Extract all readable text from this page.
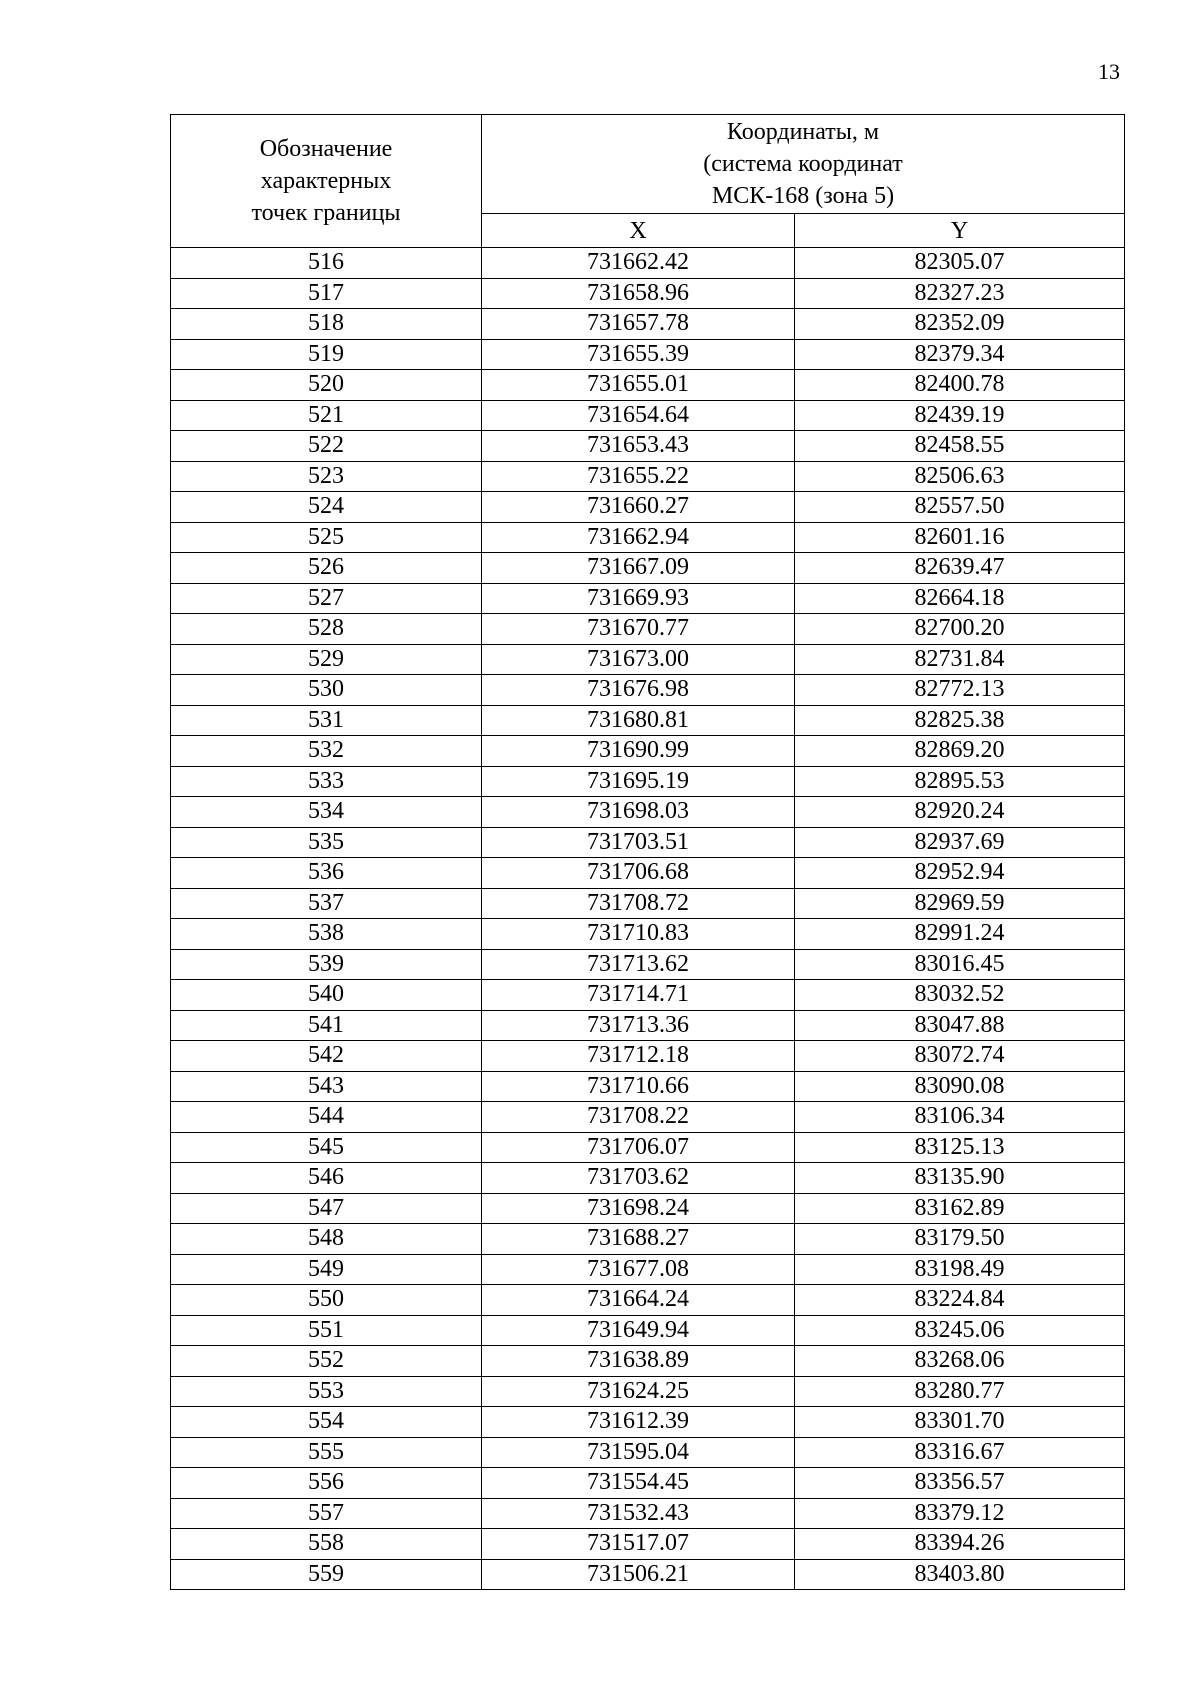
13
Обозначение
характерных
точек границы	Координаты, м
(система координат
МСК-168 (зона 5)	

	X	Y
516	731662.42	82305.07
517	731658.96	82327.23
518	731657.78	82352.09
519	731655.39	82379.34
520	731655.01	82400.78
521	731654.64	82439.19
522	731653.43	82458.55
523	731655.22	82506.63
524	731660.27	82557.50
525	731662.94	82601.16
526	731667.09	82639.47
527	731669.93	82664.18
528	731670.77	82700.20
529	731673.00	82731.84
530	731676.98	82772.13
531	731680.81	82825.38
532	731690.99	82869.20
533	731695.19	82895.53
534	731698.03	82920.24
535	731703.51	82937.69
536	731706.68	82952.94
537	731708.72	82969.59
538	731710.83	82991.24
539	731713.62	83016.45
540	731714.71	83032.52
541	731713.36	83047.88
542	731712.18	83072.74
543	731710.66	83090.08
544	731708.22	83106.34
545	731706.07	83125.13
546	731703.62	83135.90
547	731698.24	83162.89
548	731688.27	83179.50
549	731677.08	83198.49
550	731664.24	83224.84
551	731649.94	83245.06
552	731638.89	83268.06
553	731624.25	83280.77
554	731612.39	83301.70
555	731595.04	83316.67
556	731554.45	83356.57
557	731532.43	83379.12
558	731517.07	83394.26
559	731506.21	83403.80
